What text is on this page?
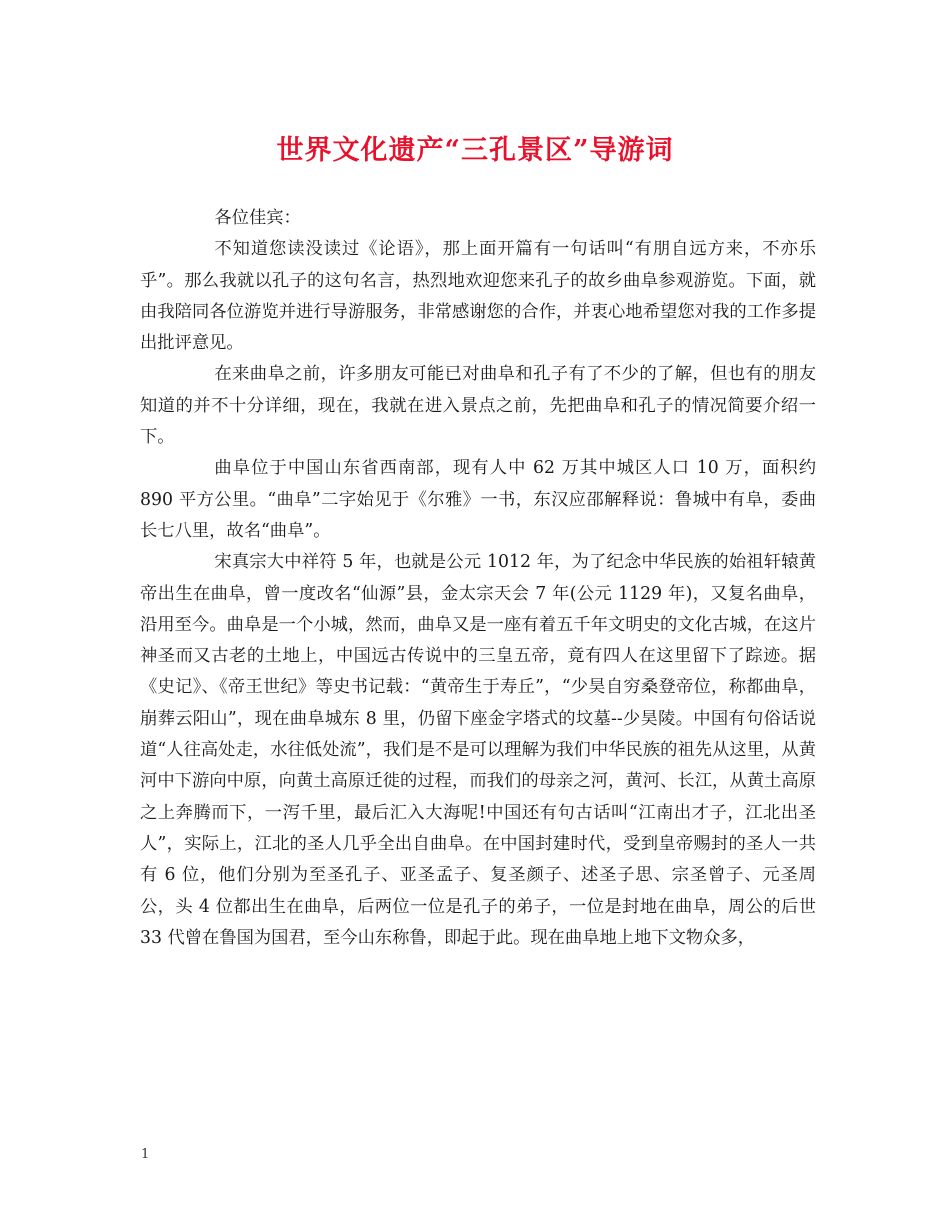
世界文化遗产“三孔景区”导游词

各位佳宾：

不知道您读没读过《论语》，那上面开篇有一句话叫“有朋自远方来，不亦乐乎”。那么我就以孔子的这句名言，热烈地欢迎您来孔子的故乡曲阜参观游览。下面，就由我陪同各位游览并进行导游服务，非常感谢您的合作，并衷心地希望您对我的工作多提出批评意见。

在来曲阜之前，许多朋友可能已对曲阜和孔子有了不少的了解，但也有的朋友知道的并不十分详细，现在，我就在进入景点之前，先把曲阜和孔子的情况简要介绍一下。

曲阜位于中国山东省西南部，现有人中 62 万其中城区人口 10 万，面积约 890 平方公里。“曲阜”二字始见于《尔雅》一书，东汉应邵解释说：鲁城中有阜，委曲长七八里，故名“曲阜”。

宋真宗大中祥符 5 年，也就是公元 1012 年，为了纪念中华民族的始祖轩辕黄帝出生在曲阜，曾一度改名“仙源”县，金太宗天会 7 年(公元 1129 年)，又复名曲阜，沿用至今。曲阜是一个小城，然而，曲阜又是一座有着五千年文明史的文化古城，在这片神圣而又古老的土地上，中国远古传说中的三皇五帝，竟有四人在这里留下了踪迹。据《史记》、《帝王世纪》等史书记载：“黄帝生于寿丘”，“少昊自穷桑登帝位，称都曲阜，崩葬云阳山”，现在曲阜城东 8 里，仍留下座金字塔式的坟墓--少昊陵。中国有句俗话说道“人往高处走，水往低处流”，我们是不是可以理解为我们中华民族的祖先从这里，从黄河中下游向中原，向黄土高原迁徙的过程，而我们的母亲之河，黄河、长江，从黄土高原之上奔腾而下，一泻千里，最后汇入大海呢!中国还有句古话叫“江南出才子，江北出圣人”，实际上，江北的圣人几乎全出自曲阜。在中国封建时代，受到皇帝赐封的圣人一共有 6 位，他们分别为至圣孔子、亚圣孟子、复圣颜子、述圣子思、宗圣曾子、元圣周公，头 4 位都出生在曲阜，后两位一位是孔子的弟子，一位是封地在曲阜，周公的后世 33 代曾在鲁国为国君，至今山东称鲁，即起于此。现在曲阜地上地下文物众多，

1
